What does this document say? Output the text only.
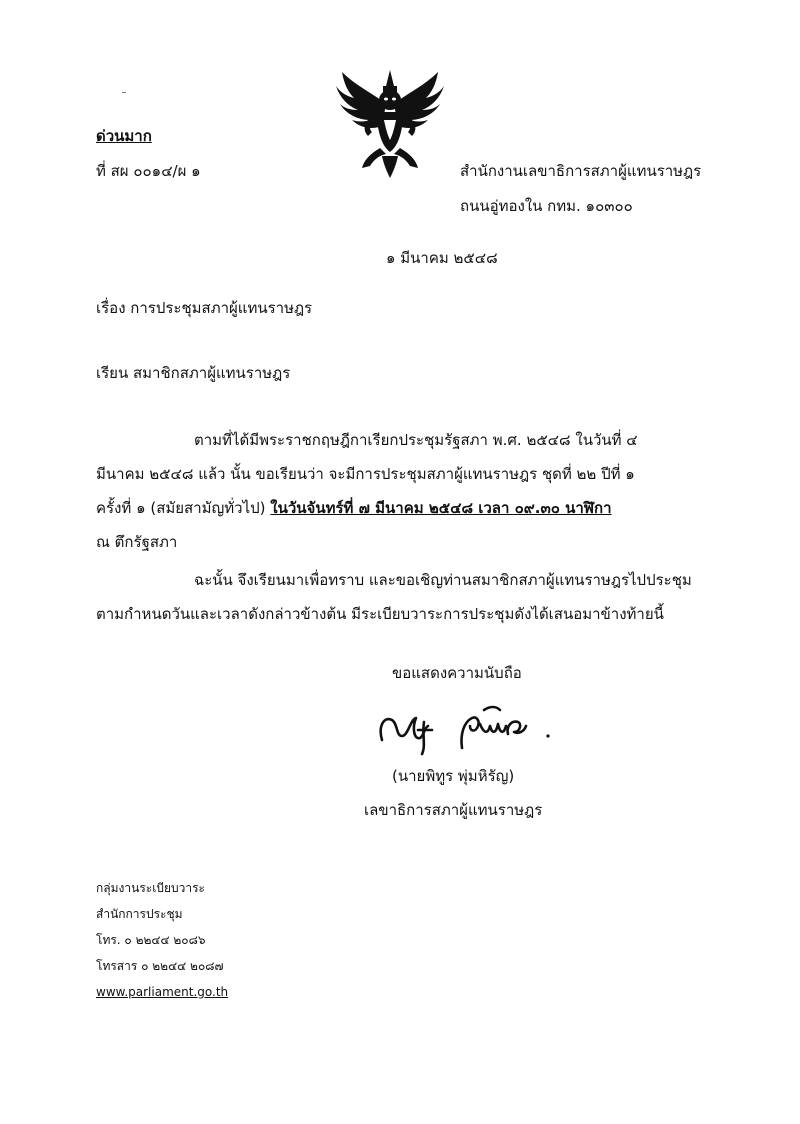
ด่วนมาก
ที่ สผ ๐๐๑๔/ผ ๑	สำนักงานเลขาธิการสภาผู้แทนราษฎร
ถนนอู่ทองใน กทม. ๑๐๓๐๐
๑ มีนาคม ๒๕๔๘
เรื่อง การประชุมสภาผู้แทนราษฎร
เรียน สมาชิกสภาผู้แทนราษฎร
ตามที่ได้มีพระราชกฤษฎีกาเรียกประชุมรัฐสภา พ.ศ. ๒๕๔๘ ในวันที่ ๔
มีนาคม ๒๕๔๘ แล้ว นั้น ขอเรียนว่า จะมีการประชุมสภาผู้แทนราษฎร ชุดที่ ๒๒ ปีที่ ๑
ครั้งที่ ๑ (สมัยสามัญทั่วไป) ในวันจันทร์ที่ ๗ มีนาคม ๒๕๔๘ เวลา ๐๙.๓๐ นาฬิกา
ณ ตึกรัฐสภา
ฉะนั้น จึงเรียนมาเพื่อทราบ และขอเชิญท่านสมาชิกสภาผู้แทนราษฎรไปประชุม
ตามกำหนดวันและเวลาดังกล่าวข้างต้น มีระเบียบวาระการประชุมดังได้เสนอมาข้างท้ายนี้
ขอแสดงความนับถือ
(นายพิทูร พุ่มหิรัญ)
เลขาธิการสภาผู้แทนราษฎร
กลุ่มงานระเบียบวาระ
สำนักการประชุม
โทร. ๐ ๒๒๔๔ ๒๐๘๖
โทรสาร ๐ ๒๒๔๔ ๒๐๘๗
www.parliament.go.th
